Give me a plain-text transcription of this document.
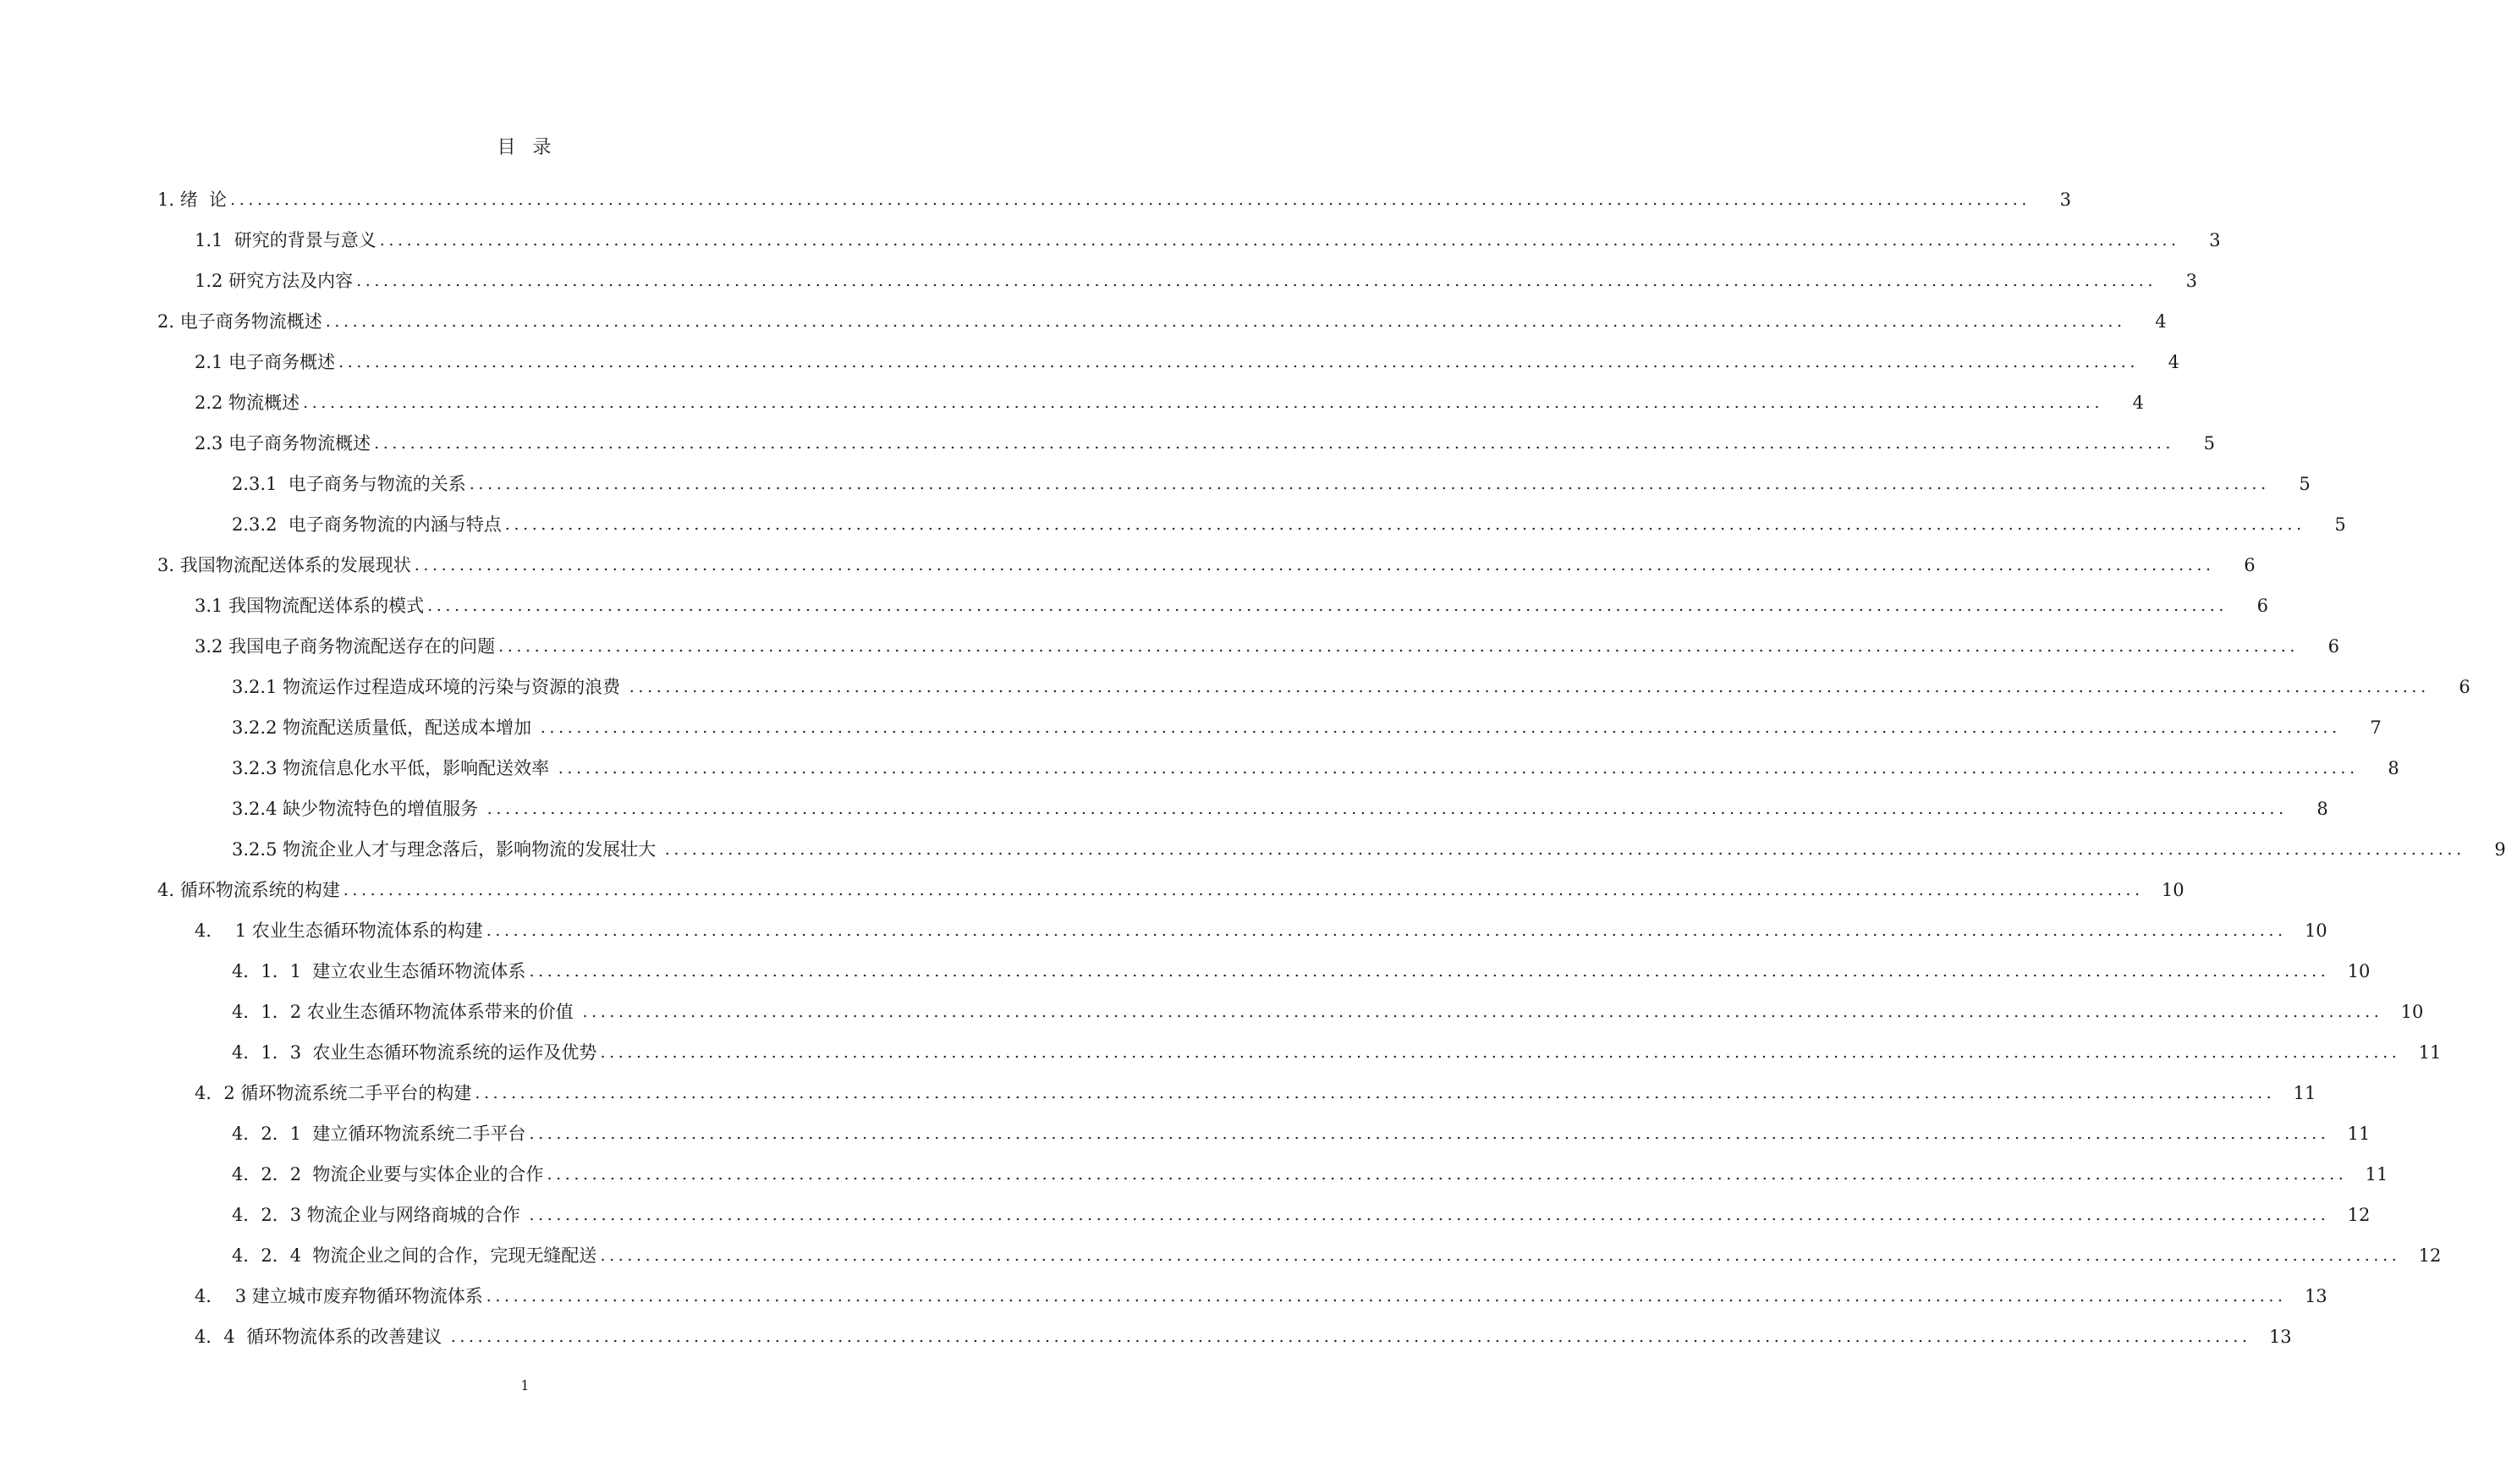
目  录
1. 绪  论 ........................................................................................................................................................................................................	3
1.1  研究的背景与意义 ........................................................................................................................................................................................................	3
1.2 研究方法及内容 ........................................................................................................................................................................................................	3
2. 电子商务物流概述 ........................................................................................................................................................................................................	4
2.1 电子商务概述 ........................................................................................................................................................................................................	4
2.2 物流概述 ........................................................................................................................................................................................................	4
2.3 电子商务物流概述 ........................................................................................................................................................................................................	5
2.3.1  电子商务与物流的关系 ........................................................................................................................................................................................................	5
2.3.2  电子商务物流的内涵与特点 ........................................................................................................................................................................................................	5
3. 我国物流配送体系的发展现状 ........................................................................................................................................................................................................	6
3.1 我国物流配送体系的模式 ........................................................................................................................................................................................................	6
3.2 我国电子商务物流配送存在的问题 ........................................................................................................................................................................................................	6
3.2.1 物流运作过程造成环境的污染与资源的浪费 ........................................................................................................................................................................................................	6
3.2.2 物流配送质量低，配送成本增加 ........................................................................................................................................................................................................	7
3.2.3 物流信息化水平低，影响配送效率 ........................................................................................................................................................................................................	8
3.2.4 缺少物流特色的增值服务 ........................................................................................................................................................................................................	8
3.2.5 物流企业人才与理念落后，影响物流的发展壮大 ........................................................................................................................................................................................................	9
4. 循环物流系统的构建 ........................................................................................................................................................................................................	10
4．  1 农业生态循环物流体系的构建 ........................................................................................................................................................................................................	10
4．1．1  建立农业生态循环物流体系 ........................................................................................................................................................................................................	10
4．1．2 农业生态循环物流体系带来的价值 ........................................................................................................................................................................................................	10
4．1．3  农业生态循环物流系统的运作及优势 ........................................................................................................................................................................................................	11
4．2 循环物流系统二手平台的构建 ........................................................................................................................................................................................................	11
4．2．1  建立循环物流系统二手平台 ........................................................................................................................................................................................................	11
4．2．2  物流企业要与实体企业的合作 ........................................................................................................................................................................................................	11
4．2．3 物流企业与网络商城的合作 ........................................................................................................................................................................................................	12
4．2．4  物流企业之间的合作，完现无缝配送 ........................................................................................................................................................................................................	12
4．  3 建立城市废弃物循环物流体系 ........................................................................................................................................................................................................	13
4．4  循环物流体系的改善建议 ........................................................................................................................................................................................................	13
1
